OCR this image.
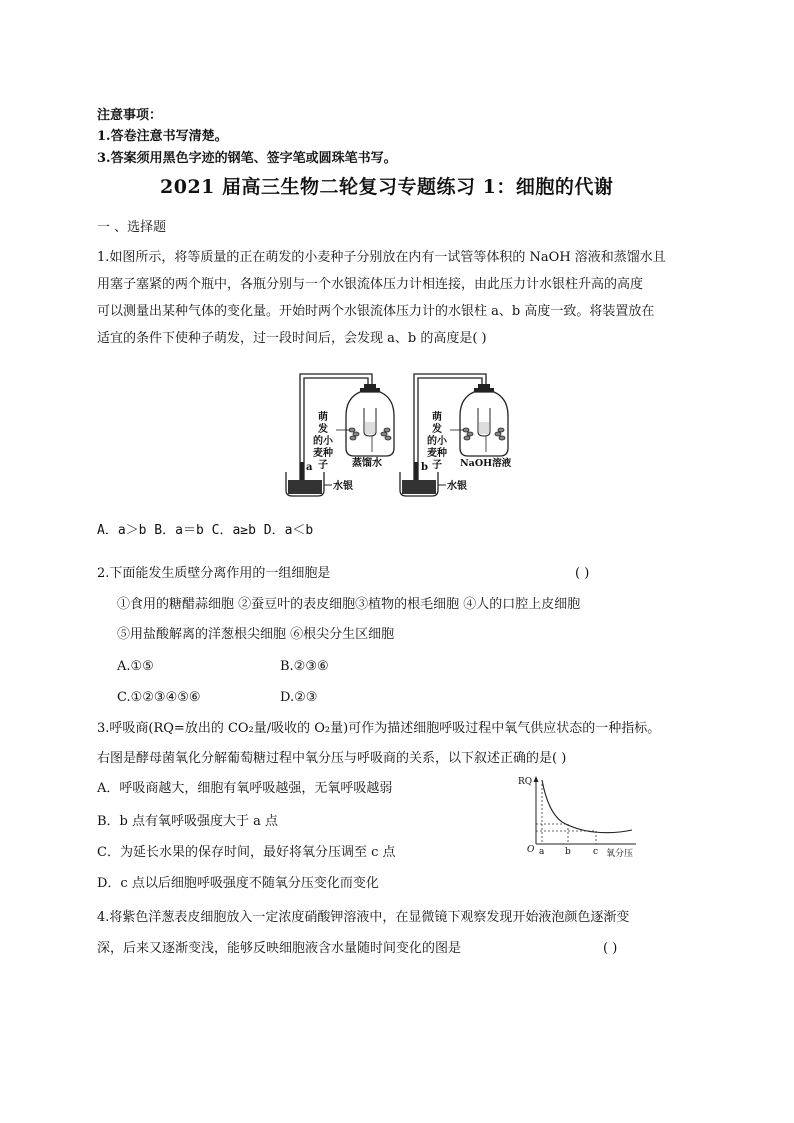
注意事项：
1.答卷注意书写清楚。
3.答案须用黑色字迹的钢笔、签字笔或圆珠笔书写。
2021 届高三生物二轮复习专题练习 1：细胞的代谢
一 、选择题
1.如图所示，将等质量的正在萌发的小麦种子分别放在内有一试管等体积的 NaOH 溶液和蒸馏水且
用塞子塞紧的两个瓶中，各瓶分别与一个水银流体压力计相连接，由此压力计水银柱升高的高度
可以测量出某种气体的变化量。开始时两个水银流体压力计的水银柱 a、b 高度一致。将装置放在
适宜的条件下使种子萌发，过一段时间后，会发现 a、b 的高度是( )
萌
发
的小
麦种
子 蒸馏水
a
水银
萌
发
的小
麦种
子 NaOH溶液
b
水银
A．a＞b B．a＝b C．a≥b D．a＜b
2.下面能发生质壁分离作用的一组细胞是	( )
①食用的糖醋蒜细胞 ②蚕豆叶的表皮细胞③植物的根毛细胞 ④人的口腔上皮细胞
⑤用盐酸解离的洋葱根尖细胞 ⑥根尖分生区细胞
A.①⑤	B.②③⑥
C.①②③④⑤⑥	D.②③
3.呼吸商(RQ=放出的 CO₂量/吸收的 O₂量)可作为描述细胞呼吸过程中氧气供应状态的一种指标。
右图是酵母菌氧化分解葡萄糖过程中氧分压与呼吸商的关系，以下叙述正确的是( )
A．呼吸商越大，细胞有氧呼吸越强，无氧呼吸越弱
B．b 点有氧呼吸强度大于 a 点
C．为延长水果的保存时间，最好将氧分压调至 c 点
D．c 点以后细胞呼吸强度不随氧分压变化而变化
RQ
O a b c 氧分压
4.将紫色洋葱表皮细胞放入一定浓度硝酸钾溶液中，在显微镜下观察发现开始液泡颜色逐渐变
深，后来又逐渐变浅，能够反映细胞液含水量随时间变化的图是	( )
